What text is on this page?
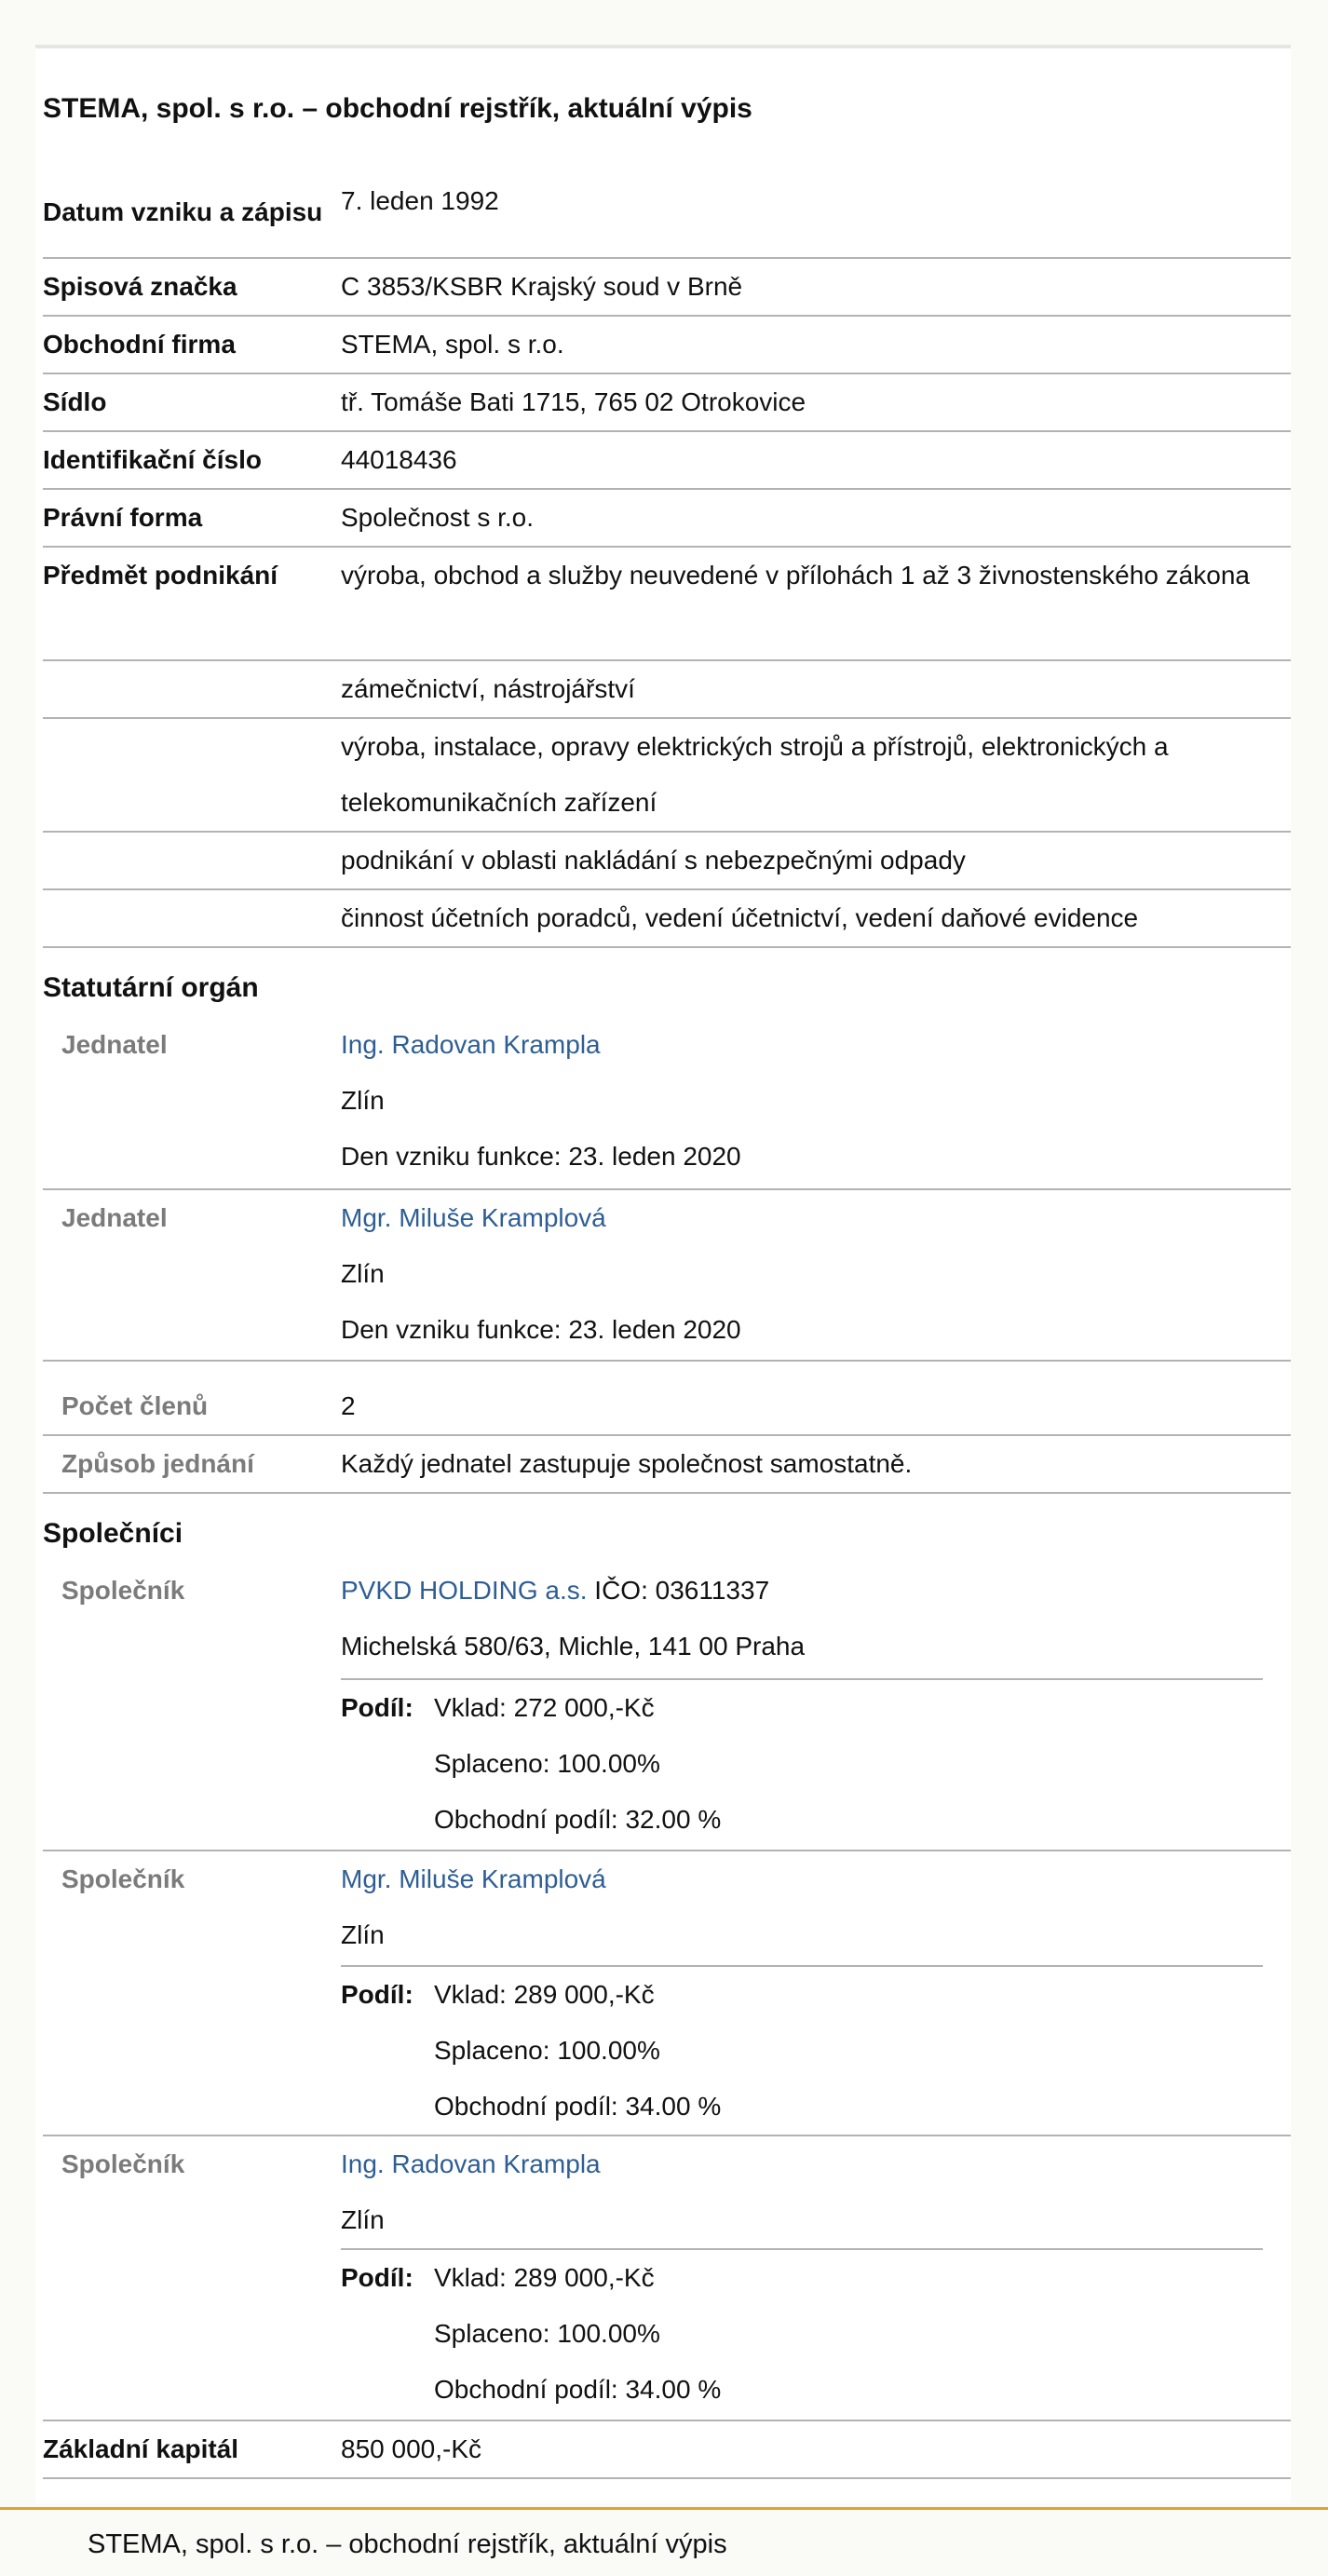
STEMA, spol. s r.o. – obchodní rejstřík, aktuální výpis
Datum vzniku a zápisu 7. leden 1992
Spisová značka	C 3853/KSBR Krajský soud v Brně
Obchodní firma	STEMA, spol. s r.o.
Sídlo	tř. Tomáše Bati 1715, 765 02 Otrokovice
Identifikační číslo	44018436
Právní forma	Společnost s r.o.
Předmět podnikání	výroba, obchod a služby neuvedené v přílohách 1 až 3 živnostenského zákona
zámečnictví, nástrojářství
výroba, instalace, opravy elektrických strojů a přístrojů, elektronických a telekomunikačních zařízení
podnikání v oblasti nakládání s nebezpečnými odpady
činnost účetních poradců, vedení účetnictví, vedení daňové evidence
Statutární orgán
Jednatel	Ing. Radovan Krampla
Zlín
Den vzniku funkce: 23. leden 2020
Jednatel	Mgr. Miluše Kramplová
Zlín
Den vzniku funkce: 23. leden 2020
Počet členů	2
Způsob jednání	Každý jednatel zastupuje společnost samostatně.
Společníci
Společník	PVKD HOLDING a.s. IČO: 03611337
Michelská 580/63, Michle, 141 00 Praha
Podíl: Vklad: 272 000,-Kč
Splaceno: 100.00%
Obchodní podíl: 32.00 %
Společník	Mgr. Miluše Kramplová
Zlín
Podíl: Vklad: 289 000,-Kč
Splaceno: 100.00%
Obchodní podíl: 34.00 %
Společník	Ing. Radovan Krampla
Zlín
Podíl: Vklad: 289 000,-Kč
Splaceno: 100.00%
Obchodní podíl: 34.00 %
Základní kapitál	850 000,-Kč
STEMA, spol. s r.o. – obchodní rejstřík, aktuální výpis
